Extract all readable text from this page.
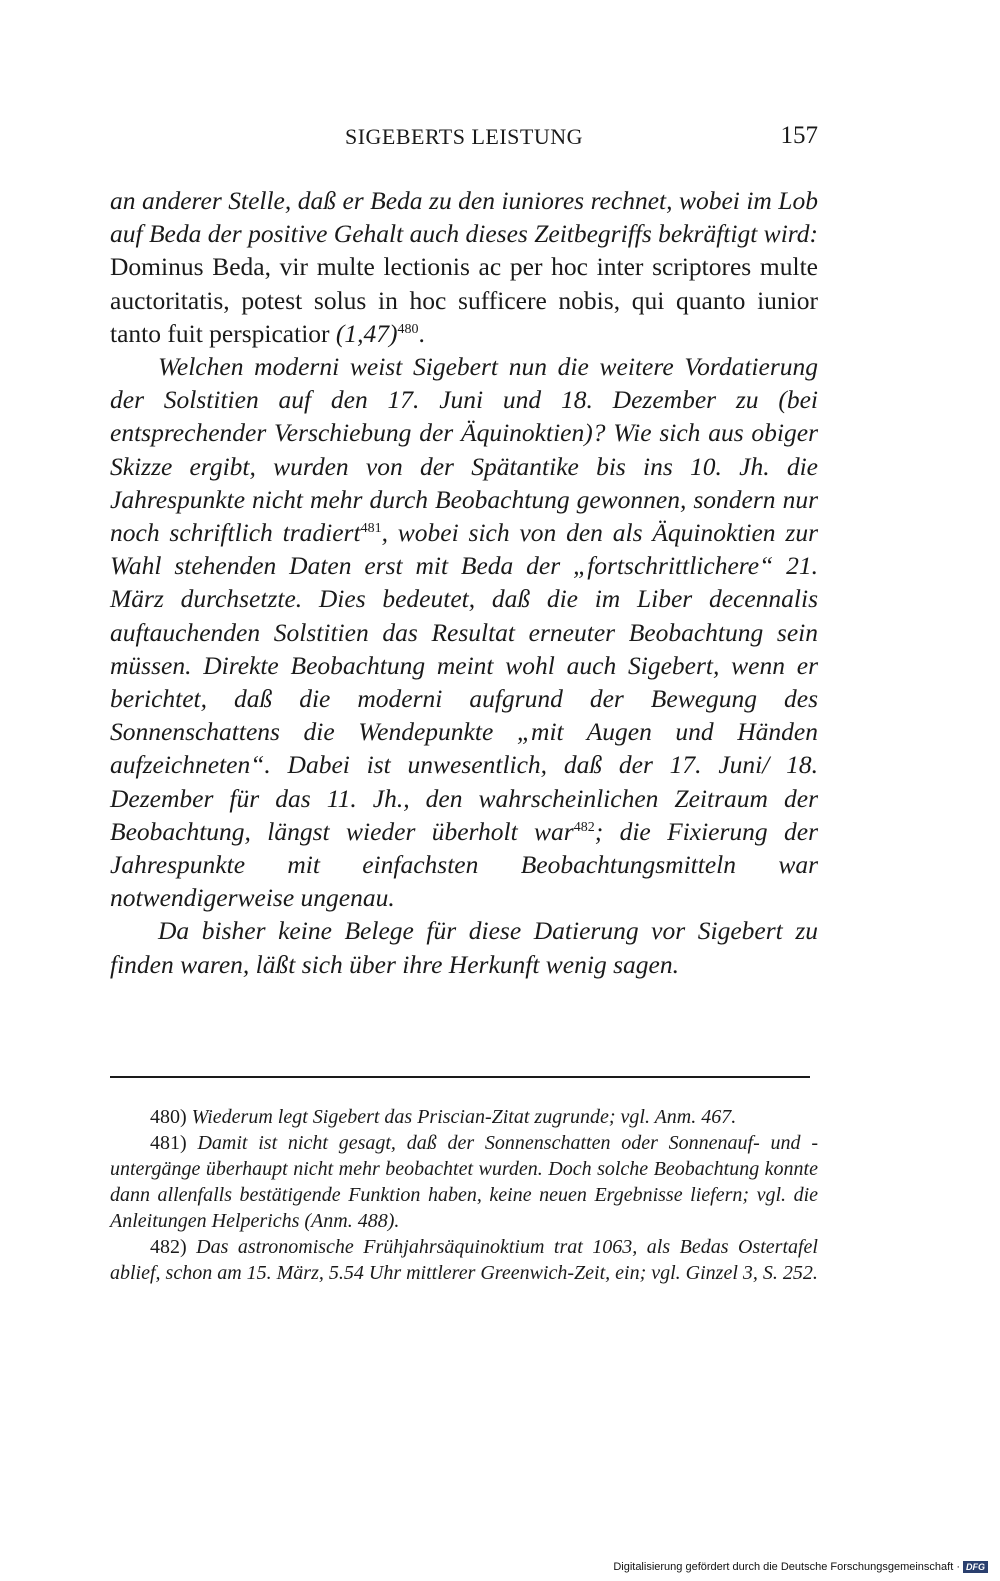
SIGEBERTS LEISTUNG	157

an anderer Stelle, daß er Beda zu den iuniores rechnet, wobei im Lob auf Beda der positive Gehalt auch dieses Zeitbegriffs bekräftigt wird: Dominus Beda, vir multe lectionis ac per hoc inter scriptores multe auctoritatis, potest solus in hoc sufficere nobis, qui quanto iunior tanto fuit perspicatior (1,47)$^{480}$.

Welchen moderni weist Sigebert nun die weitere Vordatierung der Solstitien auf den 17. Juni und 18. Dezember zu (bei entsprechender Verschiebung der Äquinoktien)? Wie sich aus obiger Skizze ergibt, wurden von der Spätantike bis ins 10. Jh. die Jahrespunkte nicht mehr durch Beobachtung gewonnen, sondern nur noch schriftlich tradiert$^{481}$, wobei sich von den als Äquinoktien zur Wahl stehenden Daten erst mit Beda der „fortschrittlichere“ 21. März durchsetzte. Dies bedeutet, daß die im Liber decennalis auftauchenden Solstitien das Resultat erneuter Beobachtung sein müssen. Direkte Beobachtung meint wohl auch Sigebert, wenn er berichtet, daß die moderni aufgrund der Bewegung des Sonnenschattens die Wendepunkte „mit Augen und Händen aufzeichneten“. Dabei ist unwesentlich, daß der 17. Juni/ 18. Dezember für das 11. Jh., den wahrscheinlichen Zeitraum der Beobachtung, längst wieder überholt war$^{482}$; die Fixierung der Jahrespunkte mit einfachsten Beobachtungsmitteln war notwendigerweise ungenau.

Da bisher keine Belege für diese Datierung vor Sigebert zu finden waren, läßt sich über ihre Herkunft wenig sagen.

480) Wiederum legt Sigebert das Priscian-Zitat zugrunde; vgl. Anm. 467.

481) Damit ist nicht gesagt, daß der Sonnenschatten oder Sonnenauf- und -untergänge überhaupt nicht mehr beobachtet wurden. Doch solche Beobachtung konnte dann allenfalls bestätigende Funktion haben, keine neuen Ergebnisse liefern; vgl. die Anleitungen Helperichs (Anm. 488).

482) Das astronomische Frühjahrsäquinoktium trat 1063, als Bedas Ostertafel ablief, schon am 15. März, 5.54 Uhr mittlerer Greenwich-Zeit, ein; vgl. Ginzel 3, S. 252.

Digitalisierung gefördert durch die Deutsche Forschungsgemeinschaft · DFG
